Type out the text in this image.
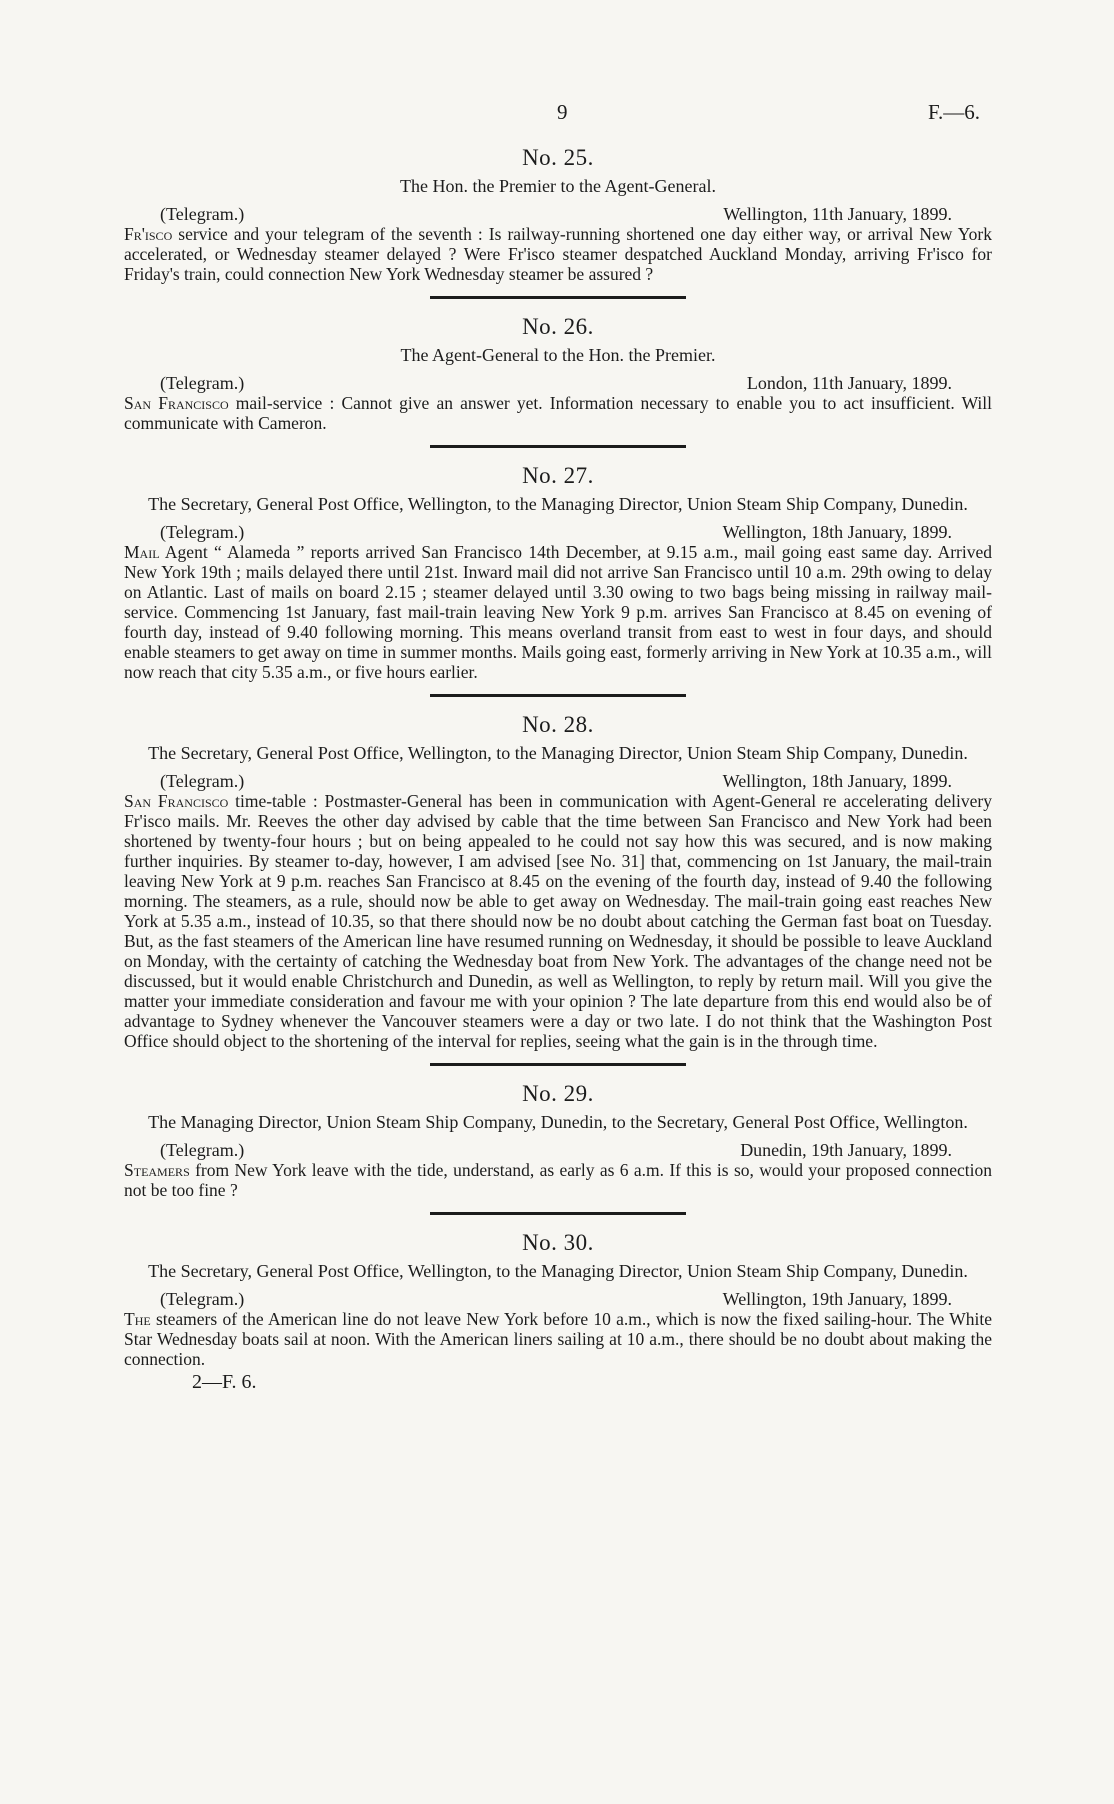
9	F.—6.
No. 25.
The Hon. the Premier to the Agent-General.
(Telegram.)	Wellington, 11th January, 1899.

Fr'isco service and your telegram of the seventh : Is railway-running shortened one day either way, or arrival New York accelerated, or Wednesday steamer delayed ? Were Fr'isco steamer despatched Auckland Monday, arriving Fr'isco for Friday's train, could connection New York Wednesday steamer be assured ?

No. 26.
The Agent-General to the Hon. the Premier.
(Telegram.)	London, 11th January, 1899.

San Francisco mail-service : Cannot give an answer yet. Information necessary to enable you to act insufficient. Will communicate with Cameron.

No. 27.
The Secretary, General Post Office, Wellington, to the Managing Director, Union Steam Ship Company, Dunedin.
(Telegram.)	Wellington, 18th January, 1899.

Mail Agent “ Alameda ” reports arrived San Francisco 14th December, at 9.15 a.m., mail going east same day. Arrived New York 19th ; mails delayed there until 21st. Inward mail did not arrive San Francisco until 10 a.m. 29th owing to delay on Atlantic. Last of mails on board 2.15 ; steamer delayed until 3.30 owing to two bags being missing in railway mail-service. Commencing 1st January, fast mail-train leaving New York 9 p.m. arrives San Francisco at 8.45 on evening of fourth day, instead of 9.40 following morning. This means overland transit from east to west in four days, and should enable steamers to get away on time in summer months. Mails going east, formerly arriving in New York at 10.35 a.m., will now reach that city 5.35 a.m., or five hours earlier.

No. 28.
The Secretary, General Post Office, Wellington, to the Managing Director, Union Steam Ship Company, Dunedin.
(Telegram.)	Wellington, 18th January, 1899.

San Francisco time-table : Postmaster-General has been in communication with Agent-General re accelerating delivery Fr'isco mails. Mr. Reeves the other day advised by cable that the time between San Francisco and New York had been shortened by twenty-four hours ; but on being appealed to he could not say how this was secured, and is now making further inquiries. By steamer to-day, however, I am advised [see No. 31] that, commencing on 1st January, the mail-train leaving New York at 9 p.m. reaches San Francisco at 8.45 on the evening of the fourth day, instead of 9.40 the following morning. The steamers, as a rule, should now be able to get away on Wednesday. The mail-train going east reaches New York at 5.35 a.m., instead of 10.35, so that there should now be no doubt about catching the German fast boat on Tuesday. But, as the fast steamers of the American line have resumed running on Wednesday, it should be possible to leave Auckland on Monday, with the certainty of catching the Wednesday boat from New York. The advantages of the change need not be discussed, but it would enable Christchurch and Dunedin, as well as Wellington, to reply by return mail. Will you give the matter your immediate consideration and favour me with your opinion ? The late departure from this end would also be of advantage to Sydney whenever the Vancouver steamers were a day or two late. I do not think that the Washington Post Office should object to the shortening of the interval for replies, seeing what the gain is in the through time.

No. 29.
The Managing Director, Union Steam Ship Company, Dunedin, to the Secretary, General Post Office, Wellington.
(Telegram.)	Dunedin, 19th January, 1899.

Steamers from New York leave with the tide, understand, as early as 6 a.m. If this is so, would your proposed connection not be too fine ?

No. 30.
The Secretary, General Post Office, Wellington, to the Managing Director, Union Steam Ship Company, Dunedin.
(Telegram.)	Wellington, 19th January, 1899.

The steamers of the American line do not leave New York before 10 a.m., which is now the fixed sailing-hour. The White Star Wednesday boats sail at noon. With the American liners sailing at 10 a.m., there should be no doubt about making the connection.

2—F. 6.
